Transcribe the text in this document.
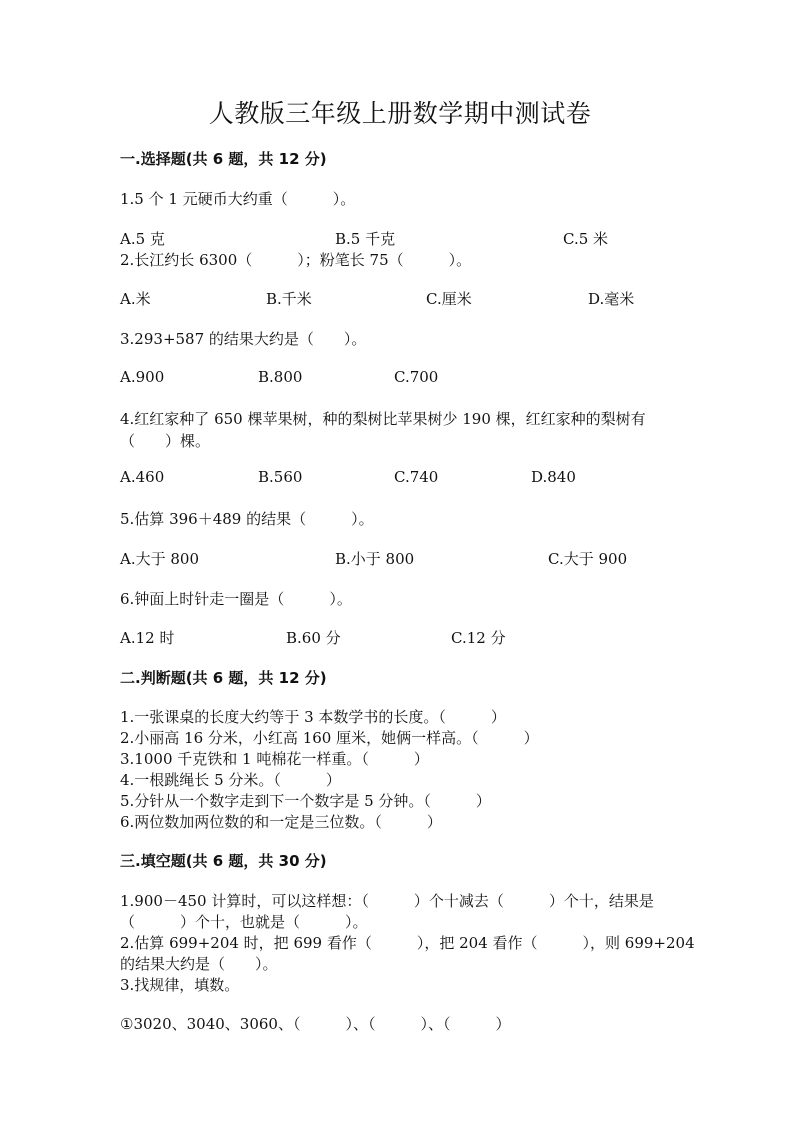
人教版三年级上册数学期中测试卷
一.选择题(共 6 题，共 12 分)
1.5 个 1 元硬币大约重（　　　）。
A.5 克	B.5 千克	C.5 米
2.长江约长 6300（　　　）；粉笔长 75（　　　）。
A.米	B.千米	C.厘米	D.毫米
3.293+587 的结果大约是（　　）。
A.900	B.800	C.700
4.红红家种了 650 棵苹果树，种的梨树比苹果树少 190 棵，红红家种的梨树有
（　　）棵。
A.460	B.560	C.740	D.840
5.估算 396＋489 的结果（　　　）。
A.大于 800	B.小于 800	C.大于 900
6.钟面上时针走一圈是（　　　）。
A.12 时	B.60 分	C.12 分
二.判断题(共 6 题，共 12 分)
1.一张课桌的长度大约等于 3 本数学书的长度。（　　　）
2.小丽高 16 分米，小红高 160 厘米，她俩一样高。（　　　）
3.1000 千克铁和 1 吨棉花一样重。（　　　）
4.一根跳绳长 5 分米。（　　　）
5.分针从一个数字走到下一个数字是 5 分钟。（　　　）
6.两位数加两位数的和一定是三位数。（　　　）
三.填空题(共 6 题，共 30 分)
1.900－450 计算时，可以这样想：（　　　）个十减去（　　　）个十，结果是
（　　　）个十，也就是（　　　）。
2.估算 699+204 时，把 699 看作（　　　），把 204 看作（　　　），则 699+204
的结果大约是（　　）。
3.找规律，填数。
①3020、3040、3060、（　　　）、（　　　）、（　　　）
